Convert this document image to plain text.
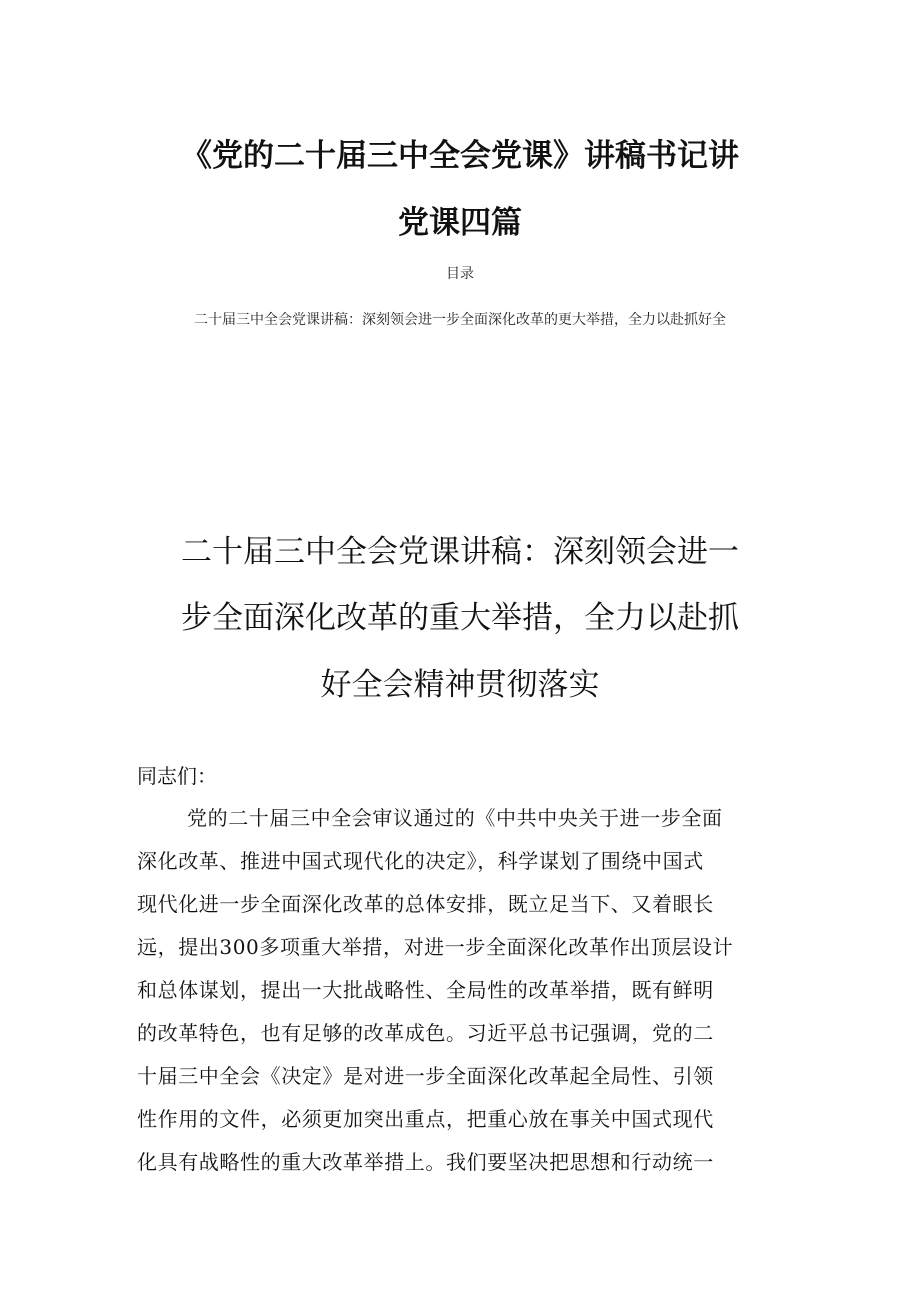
《党的二十届三中全会党课》讲稿书记讲
党课四篇
目录
二十届三中全会党课讲稿：深刻领会进一步全面深化改革的更大举措，全力以赴抓好全
二十届三中全会党课讲稿：深刻领会进一
步全面深化改革的重大举措，全力以赴抓
好全会精神贯彻落实
同志们：
党的二十届三中全会审议通过的《中共中央关于进一步全面
深化改革、推进中国式现代化的决定》，科学谋划了围绕中国式
现代化进一步全面深化改革的总体安排，既立足当下、又着眼长
远，提出300多项重大举措，对进一步全面深化改革作出顶层设计
和总体谋划，提出一大批战略性、全局性的改革举措，既有鲜明
的改革特色，也有足够的改革成色。习近平总书记强调，党的二
十届三中全会《决定》是对进一步全面深化改革起全局性、引领
性作用的文件，必须更加突出重点，把重心放在事关中国式现代
化具有战略性的重大改革举措上。我们要坚决把思想和行动统一
